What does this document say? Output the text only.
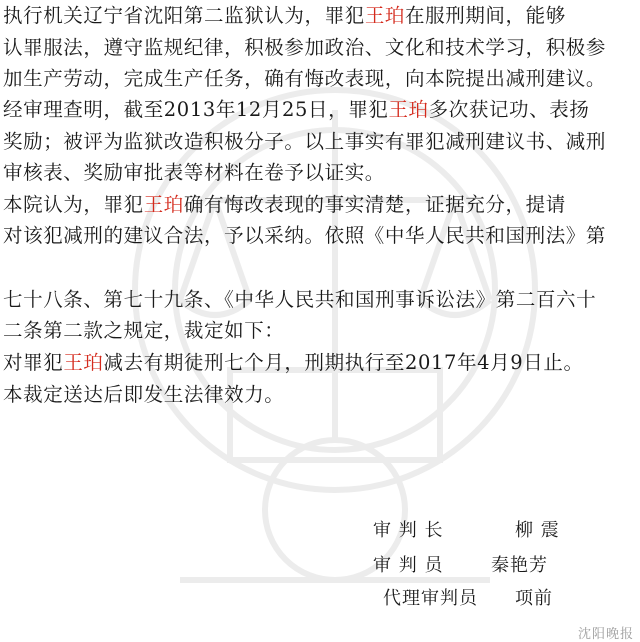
执行机关辽宁省沈阳第二监狱认为，罪犯王珀在服刑期间，能够
认罪服法，遵守监规纪律，积极参加政治、文化和技术学习，积极参
加生产劳动，完成生产任务，确有悔改表现，向本院提出减刑建议。
经审理查明，截至2013年12月25日，罪犯王珀多次获记功、表扬
奖励；被评为监狱改造积极分子。以上事实有罪犯减刑建议书、减刑
审核表、奖励审批表等材料在卷予以证实。
本院认为，罪犯王珀确有悔改表现的事实清楚，证据充分，提请
对该犯减刑的建议合法，予以采纳。依照《中华人民共和国刑法》第
七十八条、第七十九条、《中华人民共和国刑事诉讼法》第二百六十
二条第二款之规定，裁定如下：
对罪犯王珀减去有期徒刑七个月，刑期执行至2017年4月9日止。
本裁定送达后即发生法律效力。
审 判 长	柳 震
审 判 员	秦艳芳
代理审判员 项前
沈阳晚报
